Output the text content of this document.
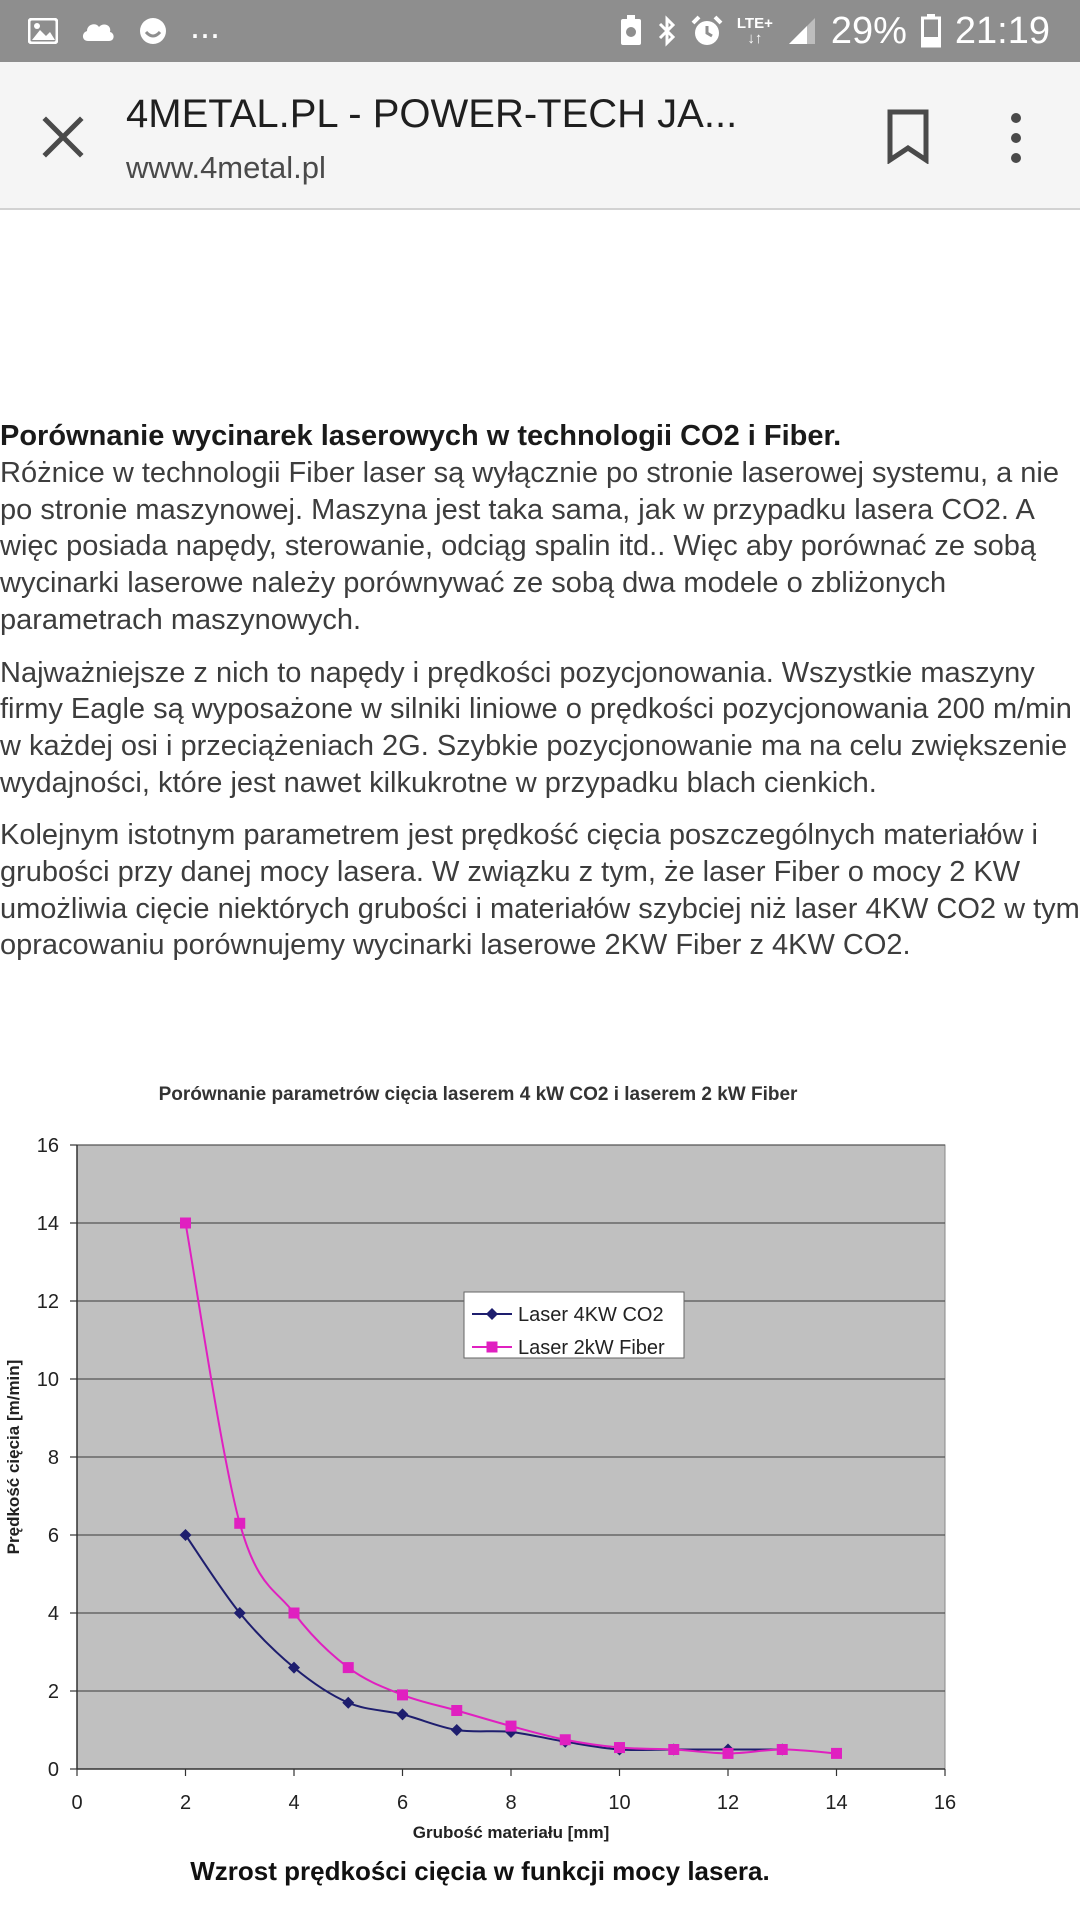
...	LTE+
↓↑ 29% 21:19
4METAL.PL - POWER-TECH JA...
www.4metal.pl

Porównanie wycinarek laserowych w technologii CO2 i Fiber.

Różnice w technologii Fiber laser są wyłącznie po stronie laserowej systemu, a nie po stronie maszynowej. Maszyna jest taka sama, jak w przypadku lasera CO2. A więc posiada napędy, sterowanie, odciąg spalin itd.. Więc aby porównać ze sobą wycinarki laserowe należy porównywać ze sobą dwa modele o zbliżonych parametrach maszynowych.

Najważniejsze z nich to napędy i prędkości pozycjonowania. Wszystkie maszyny firmy Eagle są wyposażone w silniki liniowe o prędkości pozycjonowania 200 m/min w każdej osi i przeciążeniach 2G. Szybkie pozycjonowanie ma na celu zwiększenie wydajności, które jest nawet kilkukrotne w przypadku blach cienkich.

Kolejnym istotnym parametrem jest prędkość cięcia poszczególnych materiałów i grubości przy danej mocy lasera. W związku z tym, że laser Fiber o mocy 2 KW umożliwia cięcie niektórych grubości i materiałów szybciej niż laser 4KW CO2 w tym opracowaniu porównujemy wycinarki laserowe 2KW Fiber z 4KW CO2.

Porównanie parametrów cięcia laserem 4 kW CO2 i laserem 2 kW Fiber
0
2
4
6
8
10
12
14
16
0	2	4	6	8	10	12	14	16
Grubość materiału [mm]
Prędkość cięcia [m/min]
Laser 4KW CO2
Laser 2kW Fiber
Wzrost prędkości cięcia w funkcji mocy lasera.
